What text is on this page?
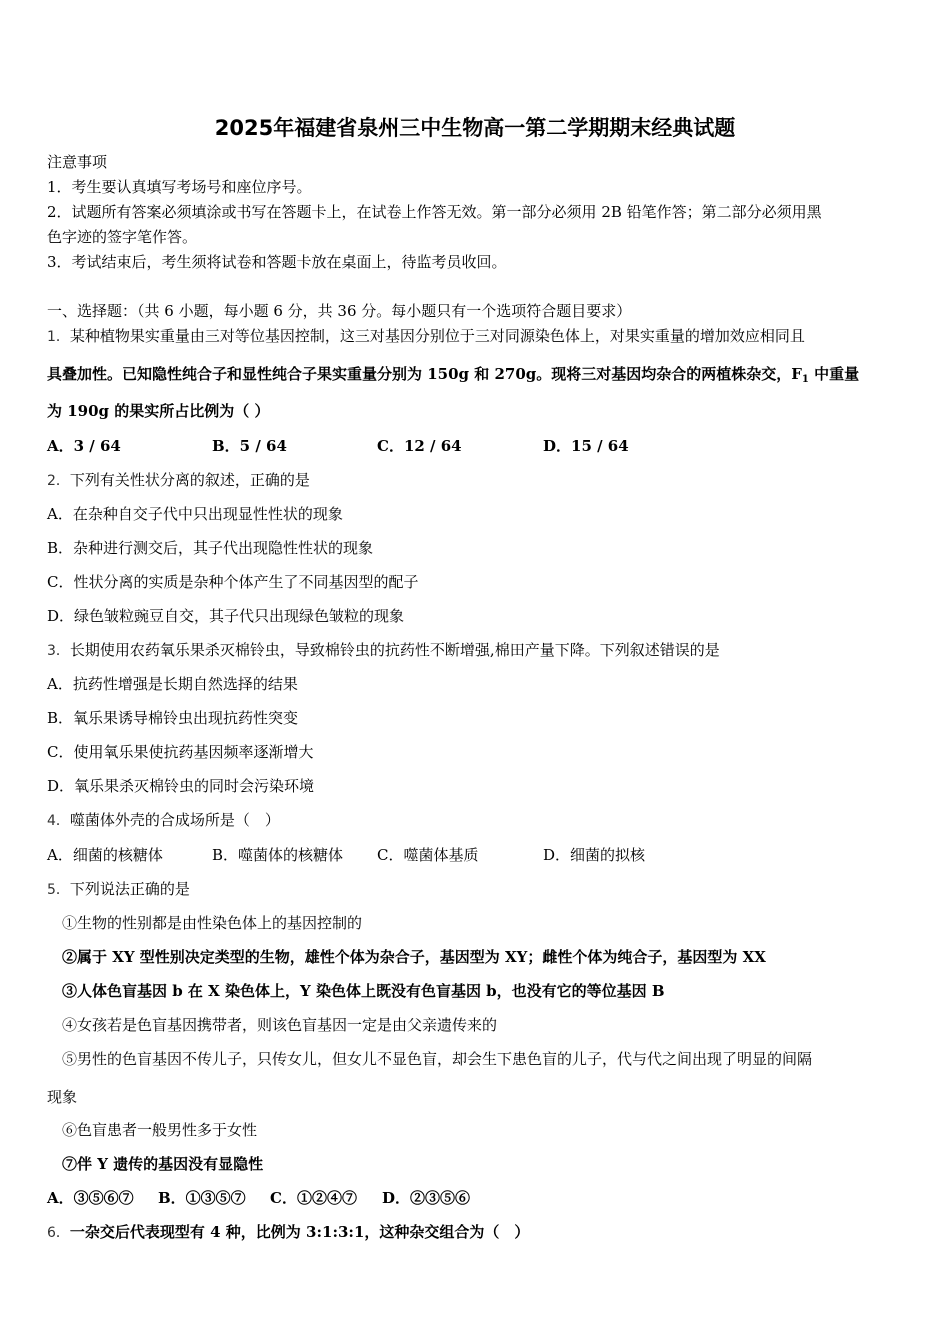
2025年福建省泉州三中生物高一第二学期期末经典试题
注意事项
1．考生要认真填写考场号和座位序号。
2．试题所有答案必须填涂或书写在答题卡上，在试卷上作答无效。第一部分必须用 2B 铅笔作答；第二部分必须用黑
色字迹的签字笔作答。
3．考试结束后，考生须将试卷和答题卡放在桌面上，待监考员收回。
一、选择题：（共 6 小题，每小题 6 分，共 36 分。每小题只有一个选项符合题目要求）
1．某种植物果实重量由三对等位基因控制，这三对基因分别位于三对同源染色体上，对果实重量的增加效应相同且
具叠加性。已知隐性纯合子和显性纯合子果实重量分别为 150g 和 270g。现将三对基因均杂合的两植株杂交，$F_1$ 中重量
为 190g 的果实所占比例为（ ）
A．3 / 64	B．5 / 64	C．12 / 64	D．15 / 64
2．下列有关性状分离的叙述，正确的是
A．在杂种自交子代中只出现显性性状的现象
B．杂种进行测交后，其子代出现隐性性状的现象
C．性状分离的实质是杂种个体产生了不同基因型的配子
D．绿色皱粒豌豆自交，其子代只出现绿色皱粒的现象
3．长期使用农药氧乐果杀灭棉铃虫，导致棉铃虫的抗药性不断增强,棉田产量下降。下列叙述错误的是
A．抗药性增强是长期自然选择的结果
B．氧乐果诱导棉铃虫出现抗药性突变
C．使用氧乐果使抗药基因频率逐渐增大
D．氧乐果杀灭棉铃虫的同时会污染环境
4．噬菌体外壳的合成场所是（　）
A．细菌的核糖体	B．噬菌体的核糖体 C．噬菌体基质	D．细菌的拟核
5．下列说法正确的是
①生物的性别都是由性染色体上的基因控制的
②属于 XY 型性别决定类型的生物，雄性个体为杂合子，基因型为 XY；雌性个体为纯合子，基因型为 XX
③人体色盲基因 b 在 X 染色体上，Y 染色体上既没有色盲基因 b，也没有它的等位基因 B
④女孩若是色盲基因携带者，则该色盲基因一定是由父亲遗传来的
⑤男性的色盲基因不传儿子，只传女儿，但女儿不显色盲，却会生下患色盲的儿子，代与代之间出现了明显的间隔
现象
⑥色盲患者一般男性多于女性
⑦伴 Y 遗传的基因没有显隐性
A．③⑤⑥⑦ B．①③⑤⑦ C．①②④⑦ D．②③⑤⑥
6．一杂交后代表现型有 4 种，比例为 3:1:3:1，这种杂交组合为（　）
